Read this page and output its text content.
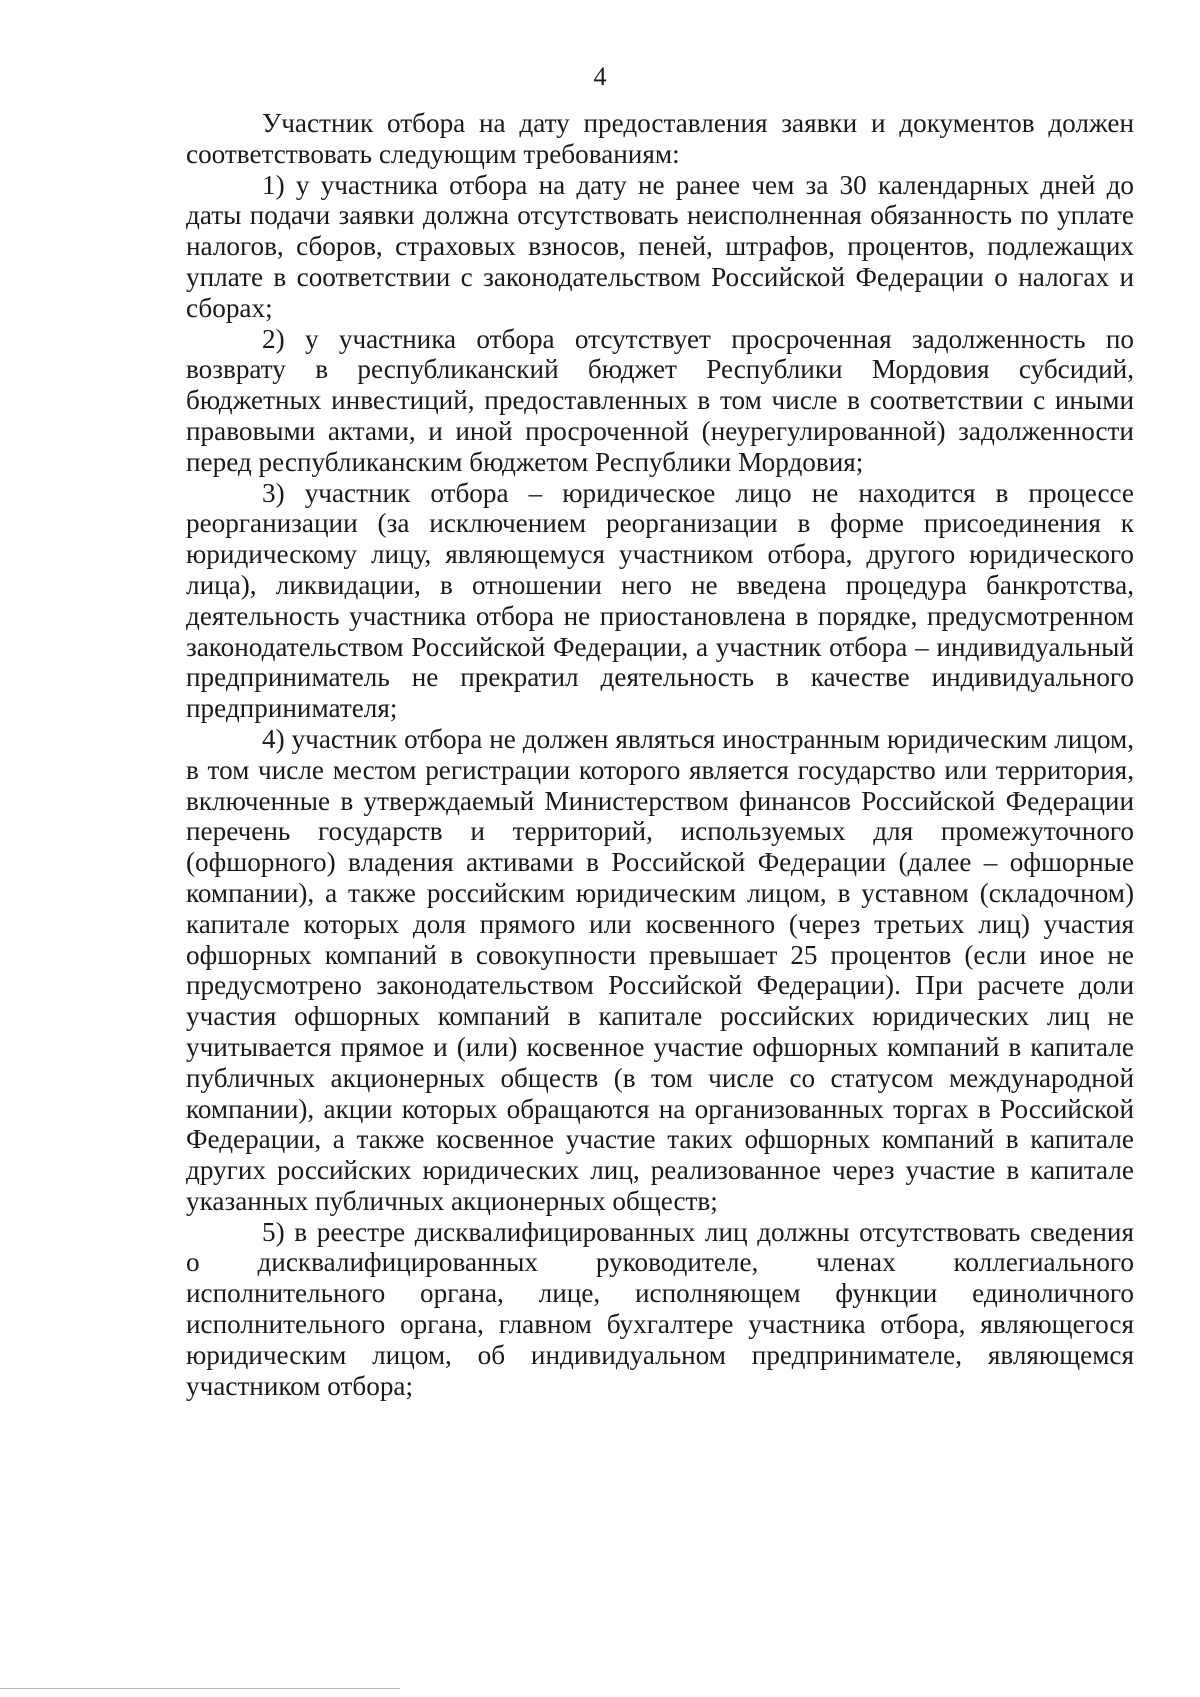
4

Участник отбора на дату предоставления заявки и документов должен соответствовать следующим требованиям:

1) у участника отбора на дату не ранее чем за 30 календарных дней до даты подачи заявки должна отсутствовать неисполненная обязанность по уплате налогов, сборов, страховых взносов, пеней, штрафов, процентов, подлежащих уплате в соответствии с законодательством Российской Федерации о налогах и сборах;

2) у участника отбора отсутствует просроченная задолженность по возврату в республиканский бюджет Республики Мордовия субсидий, бюджетных инвестиций, предоставленных в том числе в соответствии с иными правовыми актами, и иной просроченной (неурегулированной) задолженности перед республиканским бюджетом Республики Мордовия;

3) участник отбора – юридическое лицо не находится в процессе реорганизации (за исключением реорганизации в форме присоединения к юридическому лицу, являющемуся участником отбора, другого юридического лица), ликвидации, в отношении него не введена процедура банкротства, деятельность участника отбора не приостановлена в порядке, предусмотренном законодательством Российской Федерации, а участник отбора – индивидуальный предприниматель не прекратил деятельность в качестве индивидуального предпринимателя;

4) участник отбора не должен являться иностранным юридическим лицом, в том числе местом регистрации которого является государство или территория, включенные в утверждаемый Министерством финансов Российской Федерации перечень государств и территорий, используемых для промежуточного (офшорного) владения активами в Российской Федерации (далее – офшорные компании), а также российским юридическим лицом, в уставном (складочном) капитале которых доля прямого или косвенного (через третьих лиц) участия офшорных компаний в совокупности превышает 25 процентов (если иное не предусмотрено законодательством Российской Федерации). При расчете доли участия офшорных компаний в капитале российских юридических лиц не учитывается прямое и (или) косвенное участие офшорных компаний в капитале публичных акционерных обществ (в том числе со статусом международной компании), акции которых обращаются на организованных торгах в Российской Федерации, а также косвенное участие таких офшорных компаний в капитале других российских юридических лиц, реализованное через участие в капитале указанных публичных акционерных обществ;

5) в реестре дисквалифицированных лиц должны отсутствовать сведения о дисквалифицированных руководителе, членах коллегиального исполнительного органа, лице, исполняющем функции единоличного исполнительного органа, главном бухгалтере участника отбора, являющегося юридическим лицом, об индивидуальном предпринимателе, являющемся участником отбора;
